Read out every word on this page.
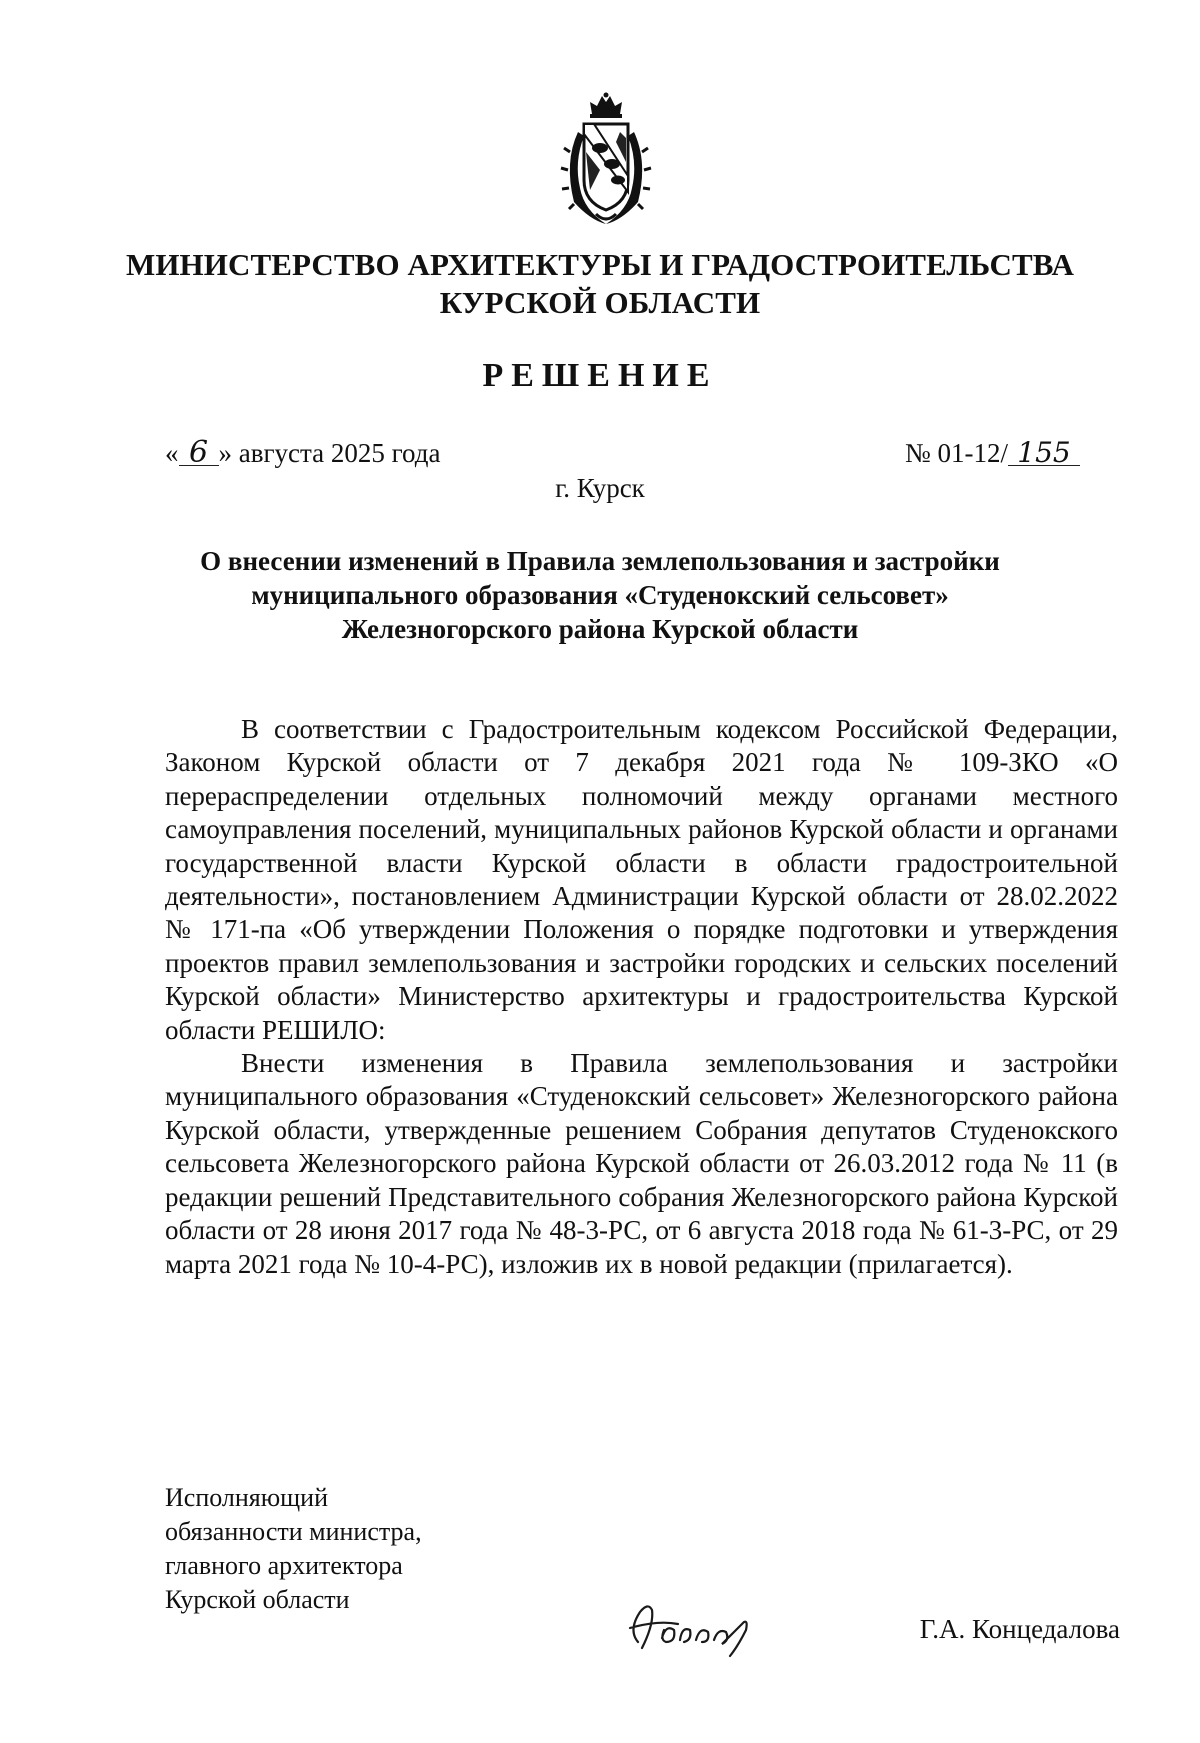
МИНИСТЕРСТВО АРХИТЕКТУРЫ И ГРАДОСТРОИТЕЛЬСТВА
КУРСКОЙ ОБЛАСТИ
РЕШЕНИЕ
« 6 » августа 2025 года	№ 01-12/ 155
г. Курск
О внесении изменений в Правила землепользования и застройки
муниципального образования «Студенокский сельсовет»
Железногорского района Курской области

В соответствии с Градостроительным кодексом Российской Федерации, Законом Курской области от 7 декабря 2021 года № 109-ЗКО «О перераспределении отдельных полномочий между органами местного самоуправления поселений, муниципальных районов Курской области и органами государственной власти Курской области в области градостроительной деятельности», постановлением Администрации Курской области от 28.02.2022 № 171-па «Об утверждении Положения о порядке подготовки и утверждения проектов правил землепользования и застройки городских и сельских поселений Курской области» Министерство архитектуры и градостроительства Курской области РЕШИЛО:

Внести изменения в Правила землепользования и застройки муниципального образования «Студенокский сельсовет» Железногорского района Курской области, утвержденные решением Собрания депутатов Студенокского сельсовета Железногорского района Курской области от 26.03.2012 года № 11 (в редакции решений Представительного собрания Железногорского района Курской области от 28 июня 2017 года № 48-3-РС, от 6 августа 2018 года № 61-3-РС, от 29 марта 2021 года № 10-4-РС), изложив их в новой редакции (прилагается).

Исполняющий
обязанности министра,
главного архитектора
Курской области
Г.А. Концедалова
